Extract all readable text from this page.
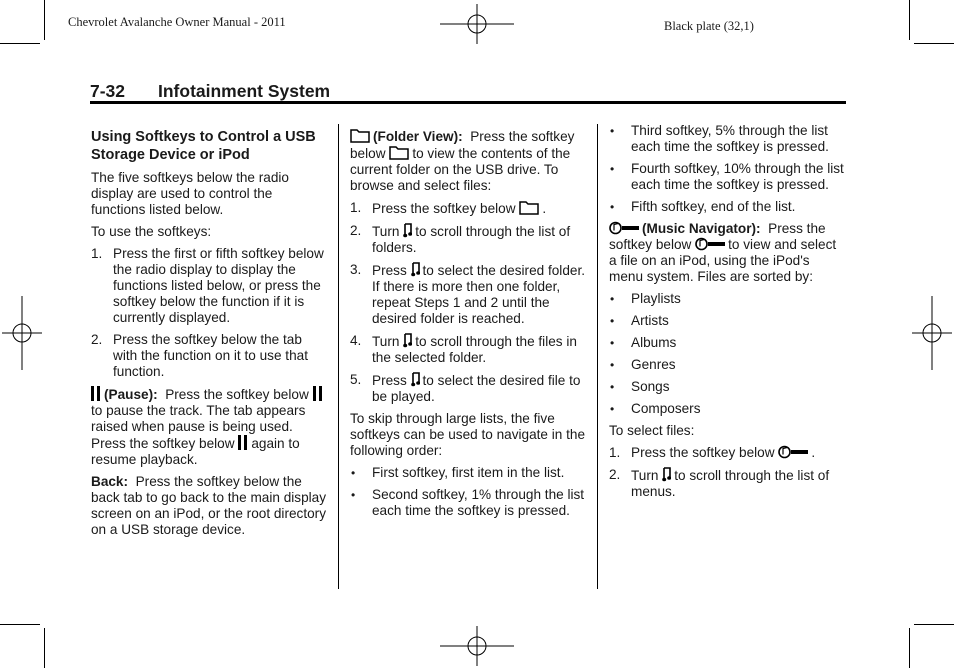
Chevrolet Avalanche Owner Manual - 2011	Black plate (32,1)
7-32 Infotainment System
Using Softkeys to Control a USB Storage Device or iPod

The five softkeys below the radio display are used to control the functions listed below.

To use the softkeys:

1. Press the first or fifth softkey below the radio display to display the functions listed below, or press the softkey below the function if it is currently displayed.
2. Press the softkey below the tab with the function on it to use that function.

(Pause): Press the softkey below
to pause the track. The tab appears raised when pause is being used. Press the softkey below again to resume playback.

Back: Press the softkey below the back tab to go back to the main display screen on an iPod, or the root directory on a USB storage device.

(Folder View): Press the softkey below to view the contents of the current folder on the USB drive. To browse and select files:

1. Press the softkey below .
2. Turn to scroll through the list of folders.
3. Press to select the desired folder. If there is more then one folder, repeat Steps 1 and 2 until the desired folder is reached.
4. Turn to scroll through the files in the selected folder.
5. Press to select the desired file to be played.

To skip through large lists, the five softkeys can be used to navigate in the following order:

• First softkey, first item in the list.
• Second softkey, 1% through the list each time the softkey is pressed.
• Third softkey, 5% through the list each time the softkey is pressed.
• Fourth softkey, 10% through the list each time the softkey is pressed.
• Fifth softkey, end of the list.

(Music Navigator): Press the softkey below	to view and select a file on an iPod, using the iPod's menu system. Files are sorted by:

• Playlists
• Artists
• Albums
• Genres
• Songs
• Composers

To select files:

1. Press the softkey below	.
2. Turn to scroll through the list of menus.
